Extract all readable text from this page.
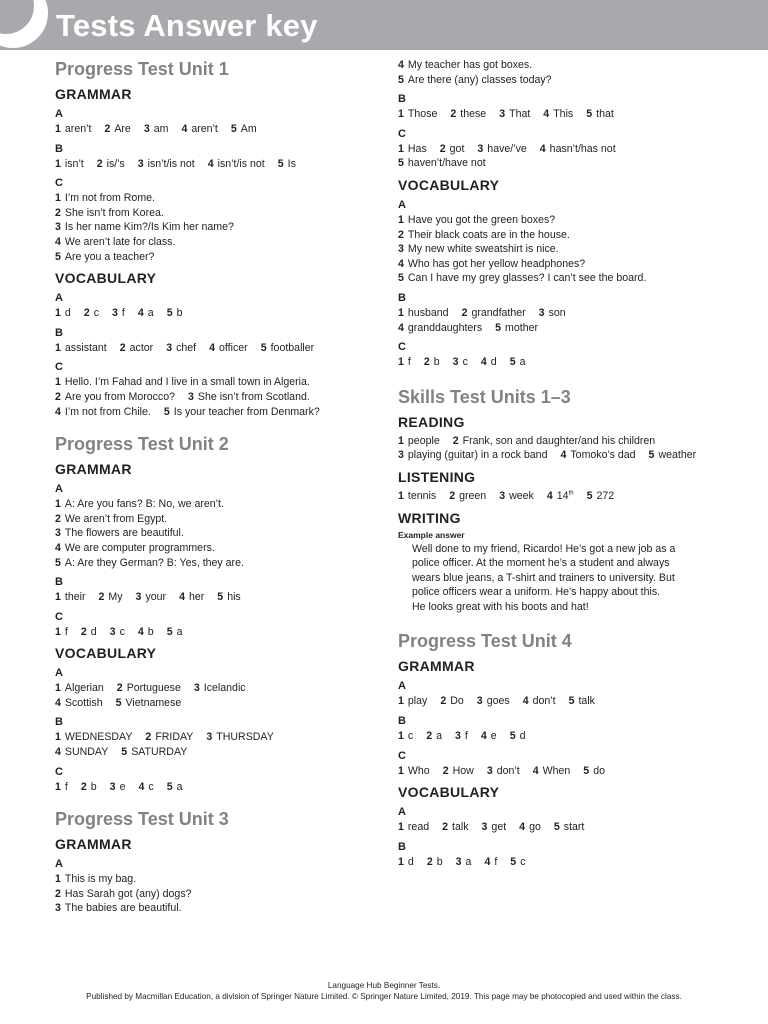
Tests Answer key
Progress Test Unit 1
GRAMMAR
A
1 aren’t 2 Are 3 am 4 aren’t 5 Am
B
1 isn’t 2 is/’s 3 isn’t/is not 4 isn’t/is not 5 Is
C
1 I’m not from Rome.
2 She isn’t from Korea.
3 Is her name Kim?/Is Kim her name?
4 We aren’t late for class.
5 Are you a teacher?
VOCABULARY
A
1 d 2 c 3 f 4 a 5 b
B
1 assistant 2 actor 3 chef 4 officer 5 footballer
C
1 Hello. I’m Fahad and I live in a small town in Algeria.
2 Are you from Morocco? 3 She isn’t from Scotland.
4 I’m not from Chile. 5 Is your teacher from Denmark?
Progress Test Unit 2
GRAMMAR
A
1 A: Are you fans? B: No, we aren’t.
2 We aren’t from Egypt.
3 The flowers are beautiful.
4 We are computer programmers.
5 A: Are they German? B: Yes, they are.
B
1 their 2 My 3 your 4 her 5 his
C
1 f 2 d 3 c 4 b 5 a
VOCABULARY
A
1 Algerian 2 Portuguese 3 Icelandic
4 Scottish 5 Vietnamese
B
1 WEDNESDAY 2 FRIDAY 3 THURSDAY
4 SUNDAY 5 SATURDAY
C
1 f 2 b 3 e 4 c 5 a
Progress Test Unit 3
GRAMMAR
A
1 This is my bag.
2 Has Sarah got (any) dogs?
3 The babies are beautiful.
4 My teacher has got boxes.
5 Are there (any) classes today?
B
1 Those 2 these 3 That 4 This 5 that
C
1 Has 2 got 3 have/’ve 4 hasn’t/has not
5 haven’t/have not
VOCABULARY
A
1 Have you got the green boxes?
2 Their black coats are in the house.
3 My new white sweatshirt is nice.
4 Who has got her yellow headphones?
5 Can I have my grey glasses? I can’t see the board.
B
1 husband 2 grandfather 3 son
4 granddaughters 5 mother
C
1 f 2 b 3 c 4 d 5 a
Skills Test Units 1–3
READING
1 people 2 Frank, son and daughter/and his children
3 playing (guitar) in a rock band 4 Tomoko’s dad 5 weather
LISTENING
1 tennis 2 green 3 week 4 14th 5 272
WRITING
Example answer
Well done to my friend, Ricardo! He’s got a new job as a
police officer. At the moment he’s a student and always
wears blue jeans, a T-shirt and trainers to university. But
police officers wear a uniform. He’s happy about this.
He looks great with his boots and hat!
Progress Test Unit 4
GRAMMAR
A
1 play 2 Do 3 goes 4 don’t 5 talk
B
1 c 2 a 3 f 4 e 5 d
C
1 Who 2 How 3 don’t 4 When 5 do
VOCABULARY
A
1 read 2 talk 3 get 4 go 5 start
B
1 d 2 b 3 a 4 f 5 c
Language Hub Beginner Tests.
Published by Macmillan Education, a division of Springer Nature Limited. © Springer Nature Limited, 2019. This page may be photocopied and used within the class.
